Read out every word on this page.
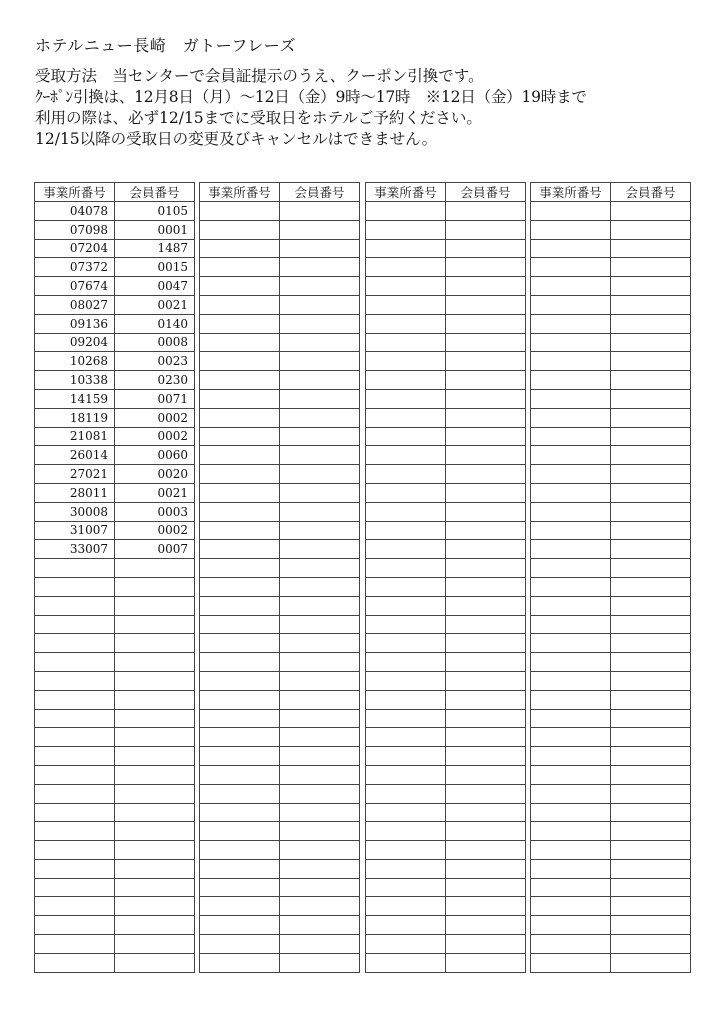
ホテルニュー長崎　ガトーフレーズ
受取方法　当センターで会員証提示のうえ、クーポン引換です。
ｸｰﾎﾟﾝ引換は、12月8日（月）～12日（金）9時～17時　※12日（金）19時まで
利用の際は、必ず12/15までに受取日をホテルご予約ください。
12/15以降の受取日の変更及びキャンセルはできません。
事業所番号	会員番号
04078	0105
07098	0001
07204	1487
07372	0015
07674	0047
08027	0021
09136	0140
09204	0008
10268	0023
10338	0230
14159	0071
18119	0002
21081	0002
26014	0060
27021	0020
28011	0021
30008	0003
31007	0002
33007	0007

事業所番号	会員番号

	事業所番号	会員番号

	事業所番号	会員番号
